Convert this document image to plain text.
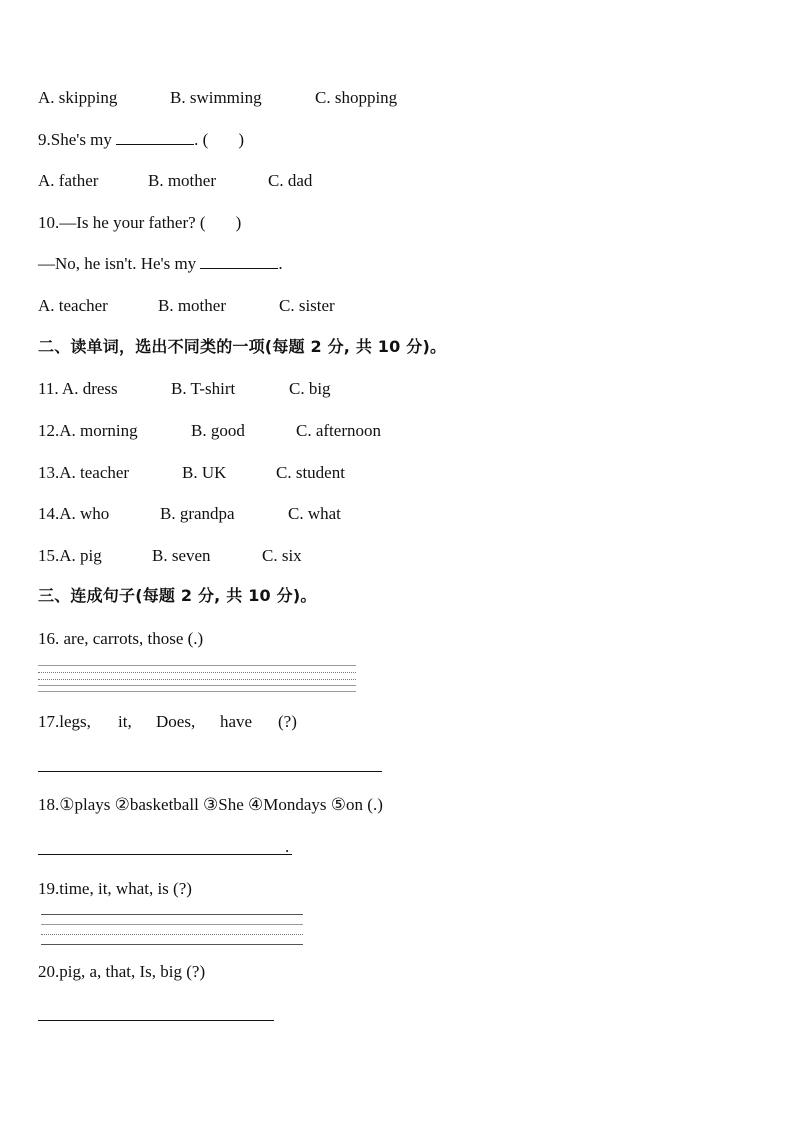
A. skipping	B. swimming	C. shopping
9.She's my	. ( )
A. father	B. mother	C. dad
10.—Is he your father? ( )
—No, he isn't. He's my	.
A. teacher	B. mother	C. sister
二、读单词，选出不同类的一项(每题 2 分, 共 10 分)。
11. A. dress	B. T-shirt	C. big
12.A. morning	B. good	C. afternoon
13.A. teacher	B. UK	C. student
14.A. who	B. grandpa	C. what
15.A. pig	B. seven	C. six
三、连成句子(每题 2 分, 共 10 分)。
16. are, carrots, those (.)
17.legs, it, Does, have (?)
18.①plays ②basketball ③She ④Mondays ⑤on (.)
.
19.time, it, what, is (?)
20.pig, a, that, Is, big (?)
